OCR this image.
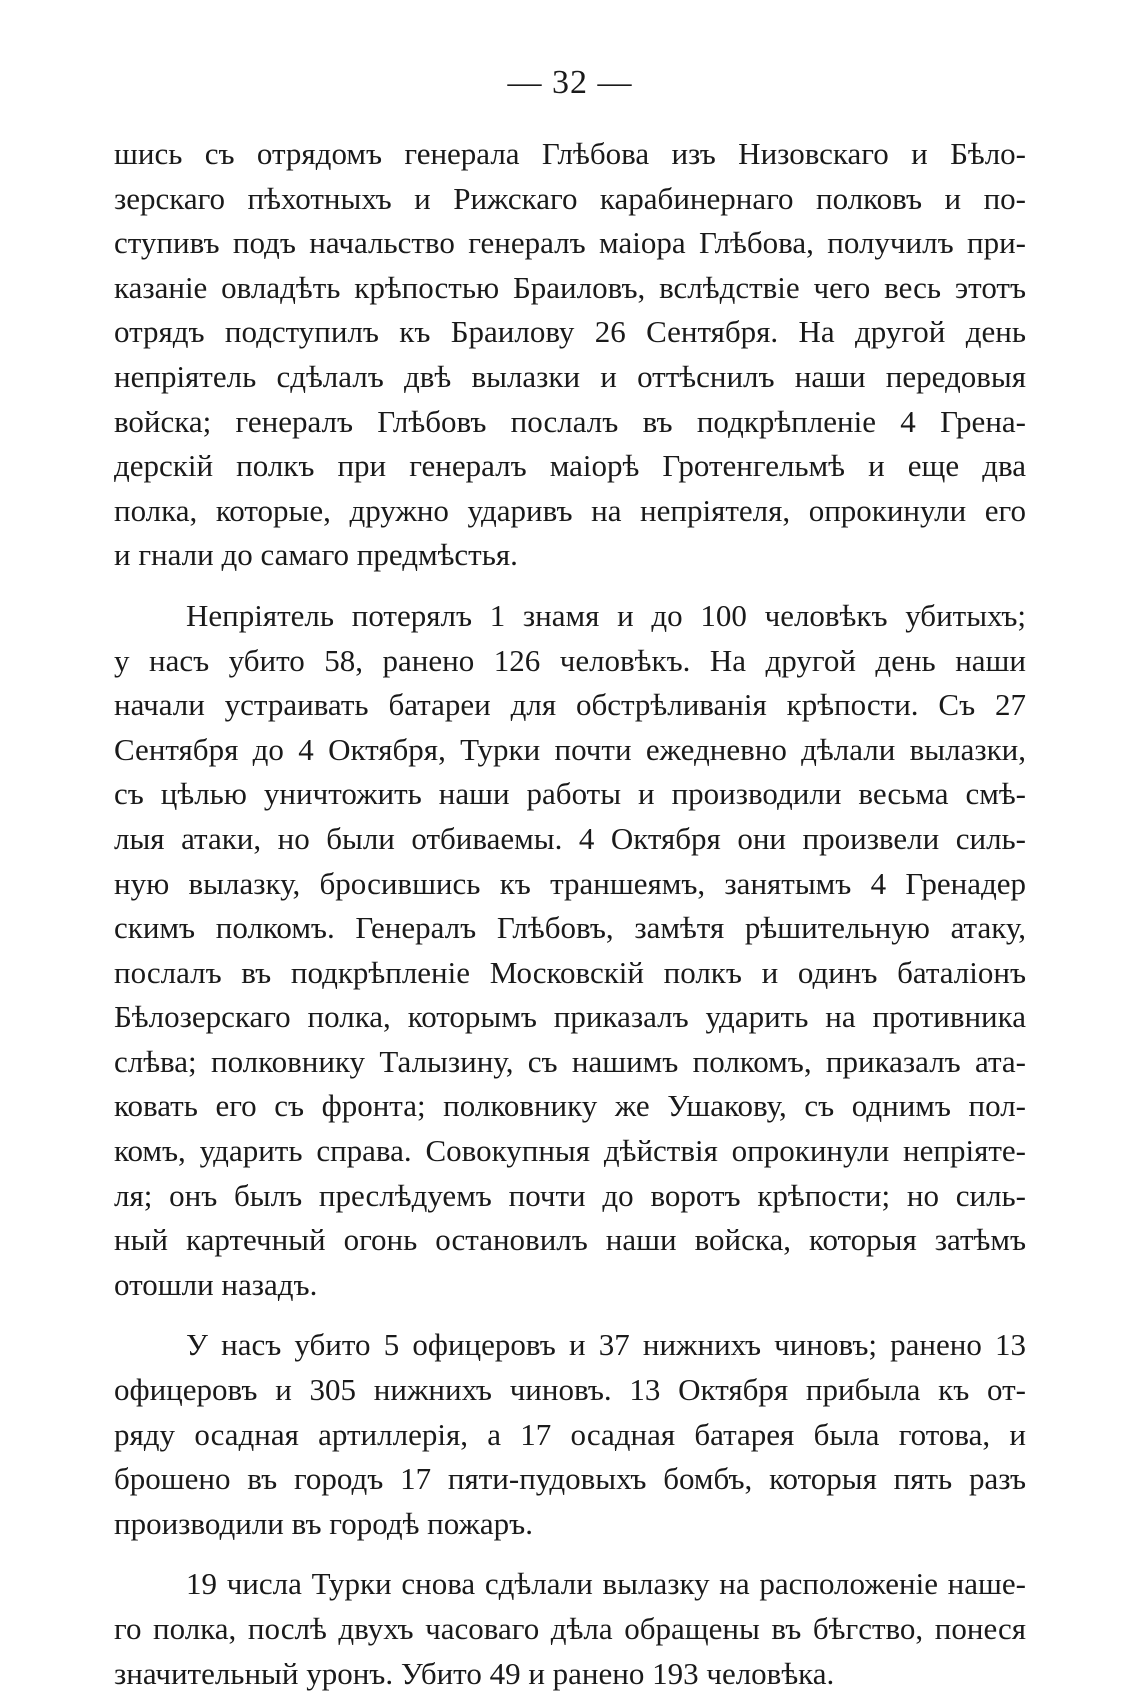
— 32 —

шись съ отрядомъ генерала Глѣбова изъ Низовскаго и Бѣло-
зерскаго пѣхотныхъ и Рижскаго карабинернаго полковъ и по-
ступивъ подъ начальство генералъ маiора Глѣбова, получилъ при-
казанiе овладѣть крѣпостью Браиловъ, вслѣдствiе чего весь этотъ
отрядъ подступилъ къ Браилову 26 Сентября. На другой день
непрiятель сдѣлалъ двѣ вылазки и оттѣснилъ наши передовыя
войска; генералъ Глѣбовъ послалъ въ подкрѣпленiе 4 Грена-
дерскiй полкъ при генералъ маiорѣ Гротенгельмѣ и еще два
полка, которые, дружно ударивъ на непрiятеля, опрокинули его
и гнали до самаго предмѣстья.

Непрiятель потерялъ 1 знамя и до 100 человѣкъ убитыхъ;
у насъ убито 58, ранено 126 человѣкъ. На другой день наши
начали устраивать батареи для обстрѣливанiя крѣпости. Съ 27
Сентября до 4 Октября, Турки почти ежедневно дѣлали вылазки,
съ цѣлью уничтожить наши работы и производили весьма смѣ-
лыя атаки, но были отбиваемы. 4 Октября они произвели силь-
ную вылазку, бросившись къ траншеямъ, занятымъ 4 Гренадер
скимъ полкомъ. Генералъ Глѣбовъ, замѣтя рѣшительную атаку,
послалъ въ подкрѣпленiе Московскiй полкъ и одинъ баталiонъ
Бѣлозерскаго полка, которымъ приказалъ ударить на противника
слѣва; полковнику Талызину, съ нашимъ полкомъ, приказалъ ата-
ковать его съ фронта; полковнику же Ушакову, съ однимъ пол-
комъ, ударить справа. Совокупныя дѣйствiя опрокинули непрiяте-
ля; онъ былъ преслѣдуемъ почти до воротъ крѣпости; но силь-
ный картечный огонь остановилъ наши войска, которыя затѣмъ
отошли назадъ.

У насъ убито 5 офицеровъ и 37 нижнихъ чиновъ; ранено 13
офицеровъ и 305 нижнихъ чиновъ. 13 Октября прибыла къ от-
ряду осадная артиллерiя, а 17 осадная батарея была готова, и
брошено въ городъ 17 пяти-пудовыхъ бомбъ, которыя пять разъ
производили въ городѣ пожаръ.

19 числа Турки снова сдѣлали вылазку на расположенiе наше-
го полка, послѣ двухъ часоваго дѣла обращены въ бѣгство, понеся
значительный уронъ. Убито 49 и ранено 193 человѣка.
